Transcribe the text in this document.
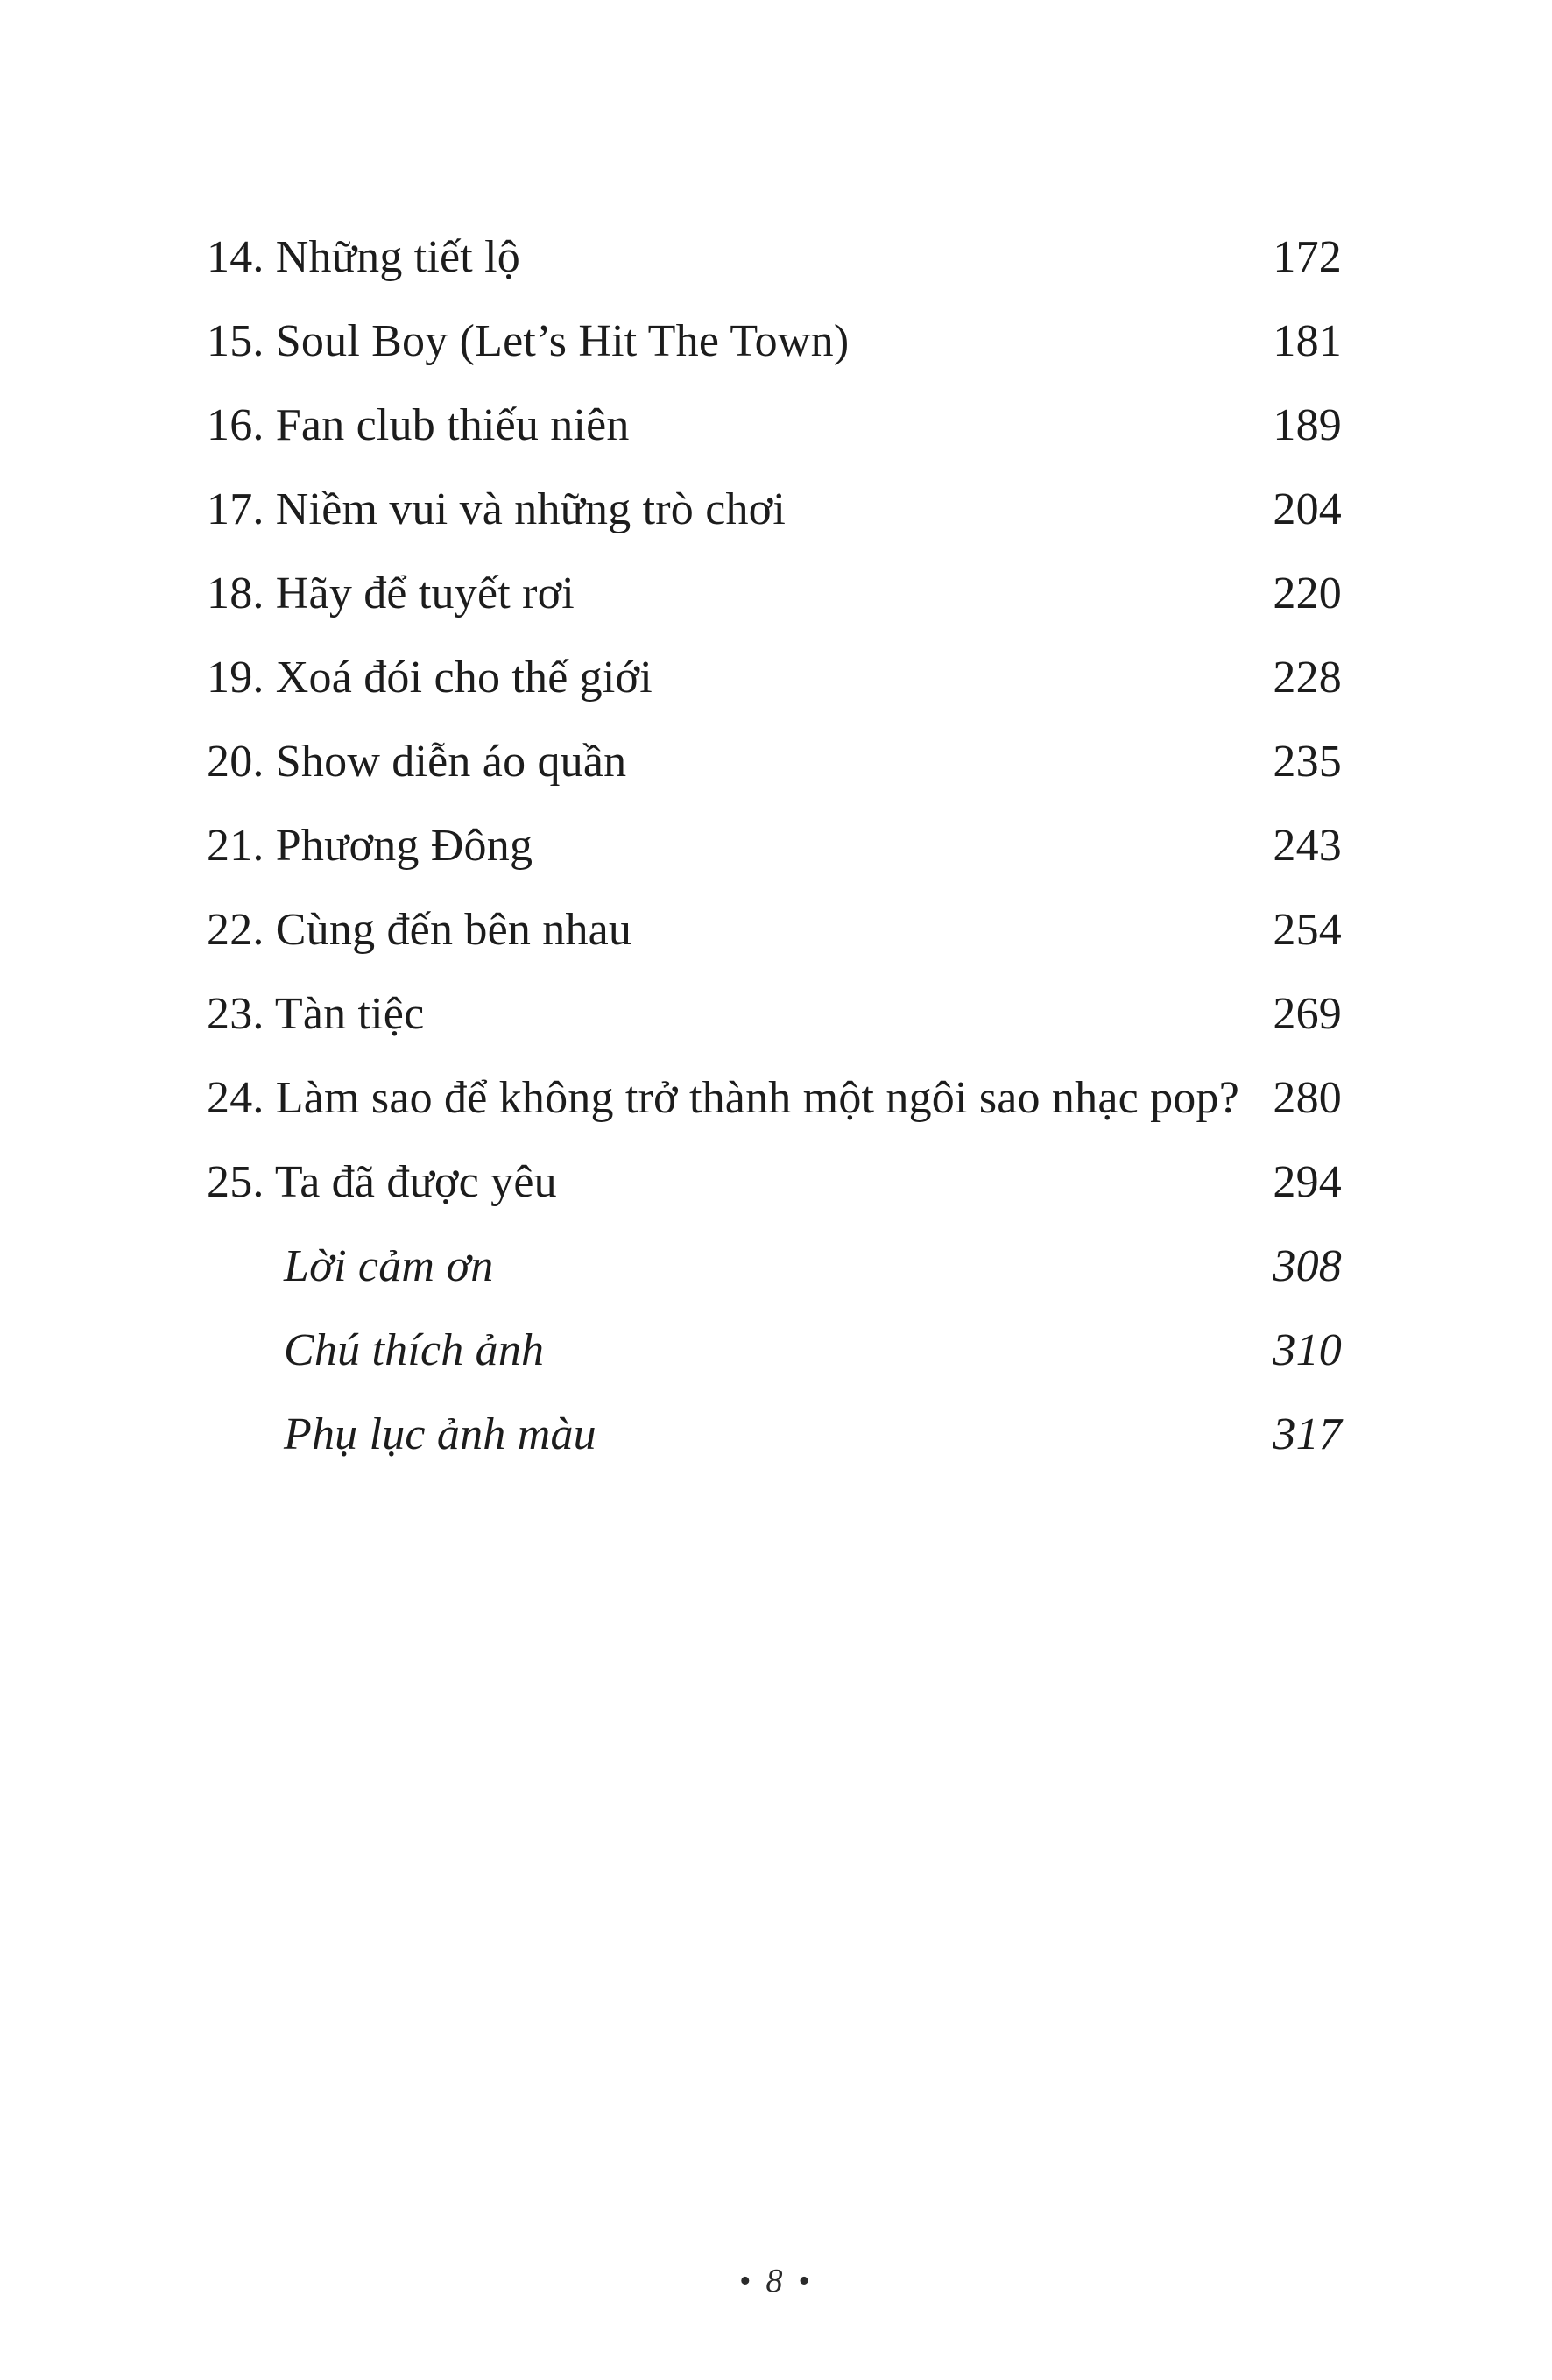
14. Những tiết lộ	172
15. Soul Boy (Let’s Hit The Town)	181
16. Fan club thiếu niên	189
17. Niềm vui và những trò chơi	204
18. Hãy để tuyết rơi	220
19. Xoá đói cho thế giới	228
20. Show diễn áo quần	235
21. Phương Đông	243
22. Cùng đến bên nhau	254
23. Tàn tiệc	269
24. Làm sao để không trở thành một ngôi sao nhạc pop? 280
25. Ta đã được yêu	294
Lời cảm ơn	308
Chú thích ảnh	310
Phụ lục ảnh màu	317
• 8 •
